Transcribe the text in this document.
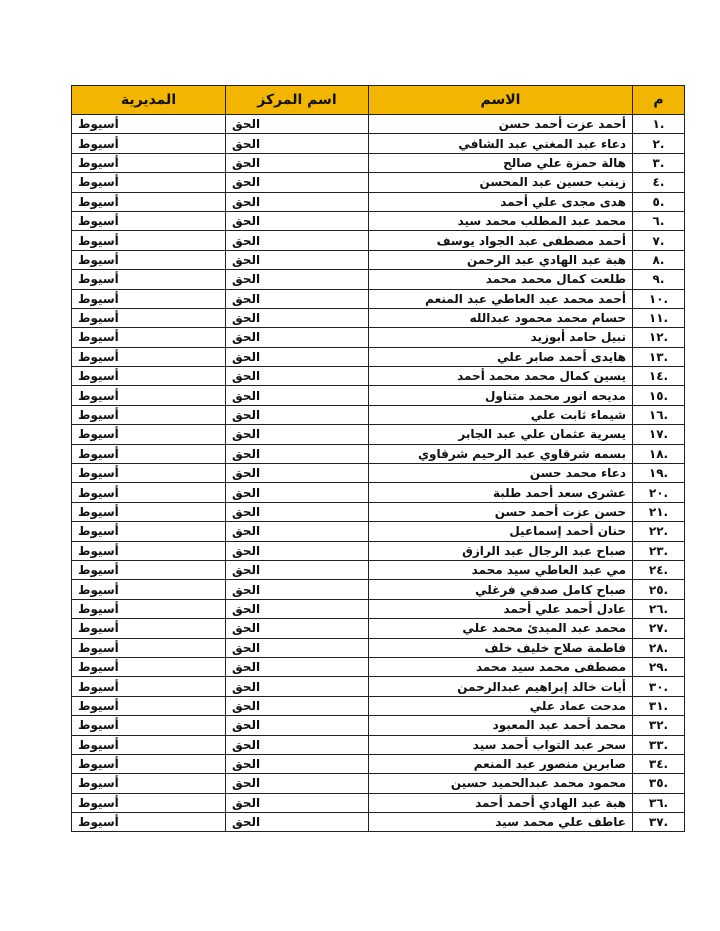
م	الاسم	اسم المركز	المديرية
.١	أحمد عزت أحمد حسن	الحق	أسيوط
.٢	دعاء عبد المغني عبد الشافي	الحق	أسيوط
.٣	هالة حمزة علي صالح	الحق	أسيوط
.٤	زينب حسين عبد المحسن	الحق	أسيوط
.٥	هدى مجدى علي أحمد	الحق	أسيوط
.٦	محمد عبد المطلب محمد سيد	الحق	أسيوط
.٧	أحمد مصطفى عبد الجواد يوسف	الحق	أسيوط
.٨	هبة عبد الهادي عبد الرحمن	الحق	أسيوط
.٩	طلعت كمال محمد محمد	الحق	أسيوط
.١٠	أحمد محمد عبد العاطي عبد المنعم	الحق	أسيوط
.١١	حسام محمد محمود عبدالله	الحق	أسيوط
.١٢	نبيل حامد أبوزيد	الحق	أسيوط
.١٣	هايدى أحمد صابر علي	الحق	أسيوط
.١٤	يسين كمال محمد محمد أحمد	الحق	أسيوط
.١٥	مديحه انور محمد متناول	الحق	أسيوط
.١٦	شيماء ثابت علي	الحق	أسيوط
.١٧	يسرية عثمان علي عبد الجابر	الحق	أسيوط
.١٨	بسمه شرقاوي عبد الرحيم شرقاوي	الحق	أسيوط
.١٩	دعاء محمد حسن	الحق	أسيوط
.٢٠	عشرى سعد أحمد طلبة	الحق	أسيوط
.٢١	حسن عزت أحمد حسن	الحق	أسيوط
.٢٢	حنان أحمد إسماعيل	الحق	أسيوط
.٢٣	صباح عبد الرجال عبد الرازق	الحق	أسيوط
.٢٤	مي عبد العاطي سيد محمد	الحق	أسيوط
.٢٥	صباح كامل صدقي فرغلي	الحق	أسيوط
.٢٦	عادل أحمد علي أحمد	الحق	أسيوط
.٢٧	محمد عبد المبدئ محمد علي	الحق	أسيوط
.٢٨	فاطمة صلاح خليف خلف	الحق	أسيوط
.٢٩	مصطفى محمد سيد محمد	الحق	أسيوط
.٣٠	أيات خالد إبراهيم عبدالرحمن	الحق	أسيوط
.٣١	مدحت عماد علي	الحق	أسيوط
.٣٢	محمد أحمد عبد المعبود	الحق	أسيوط
.٣٣	سحر عبد التواب أحمد سيد	الحق	أسيوط
.٣٤	صابرين منصور عبد المنعم	الحق	أسيوط
.٣٥	محمود محمد عبدالحميد حسين	الحق	أسيوط
.٣٦	هبة عبد الهادي أحمد أحمد	الحق	أسيوط
.٣٧	عاطف علي محمد سيد	الحق	أسيوط
